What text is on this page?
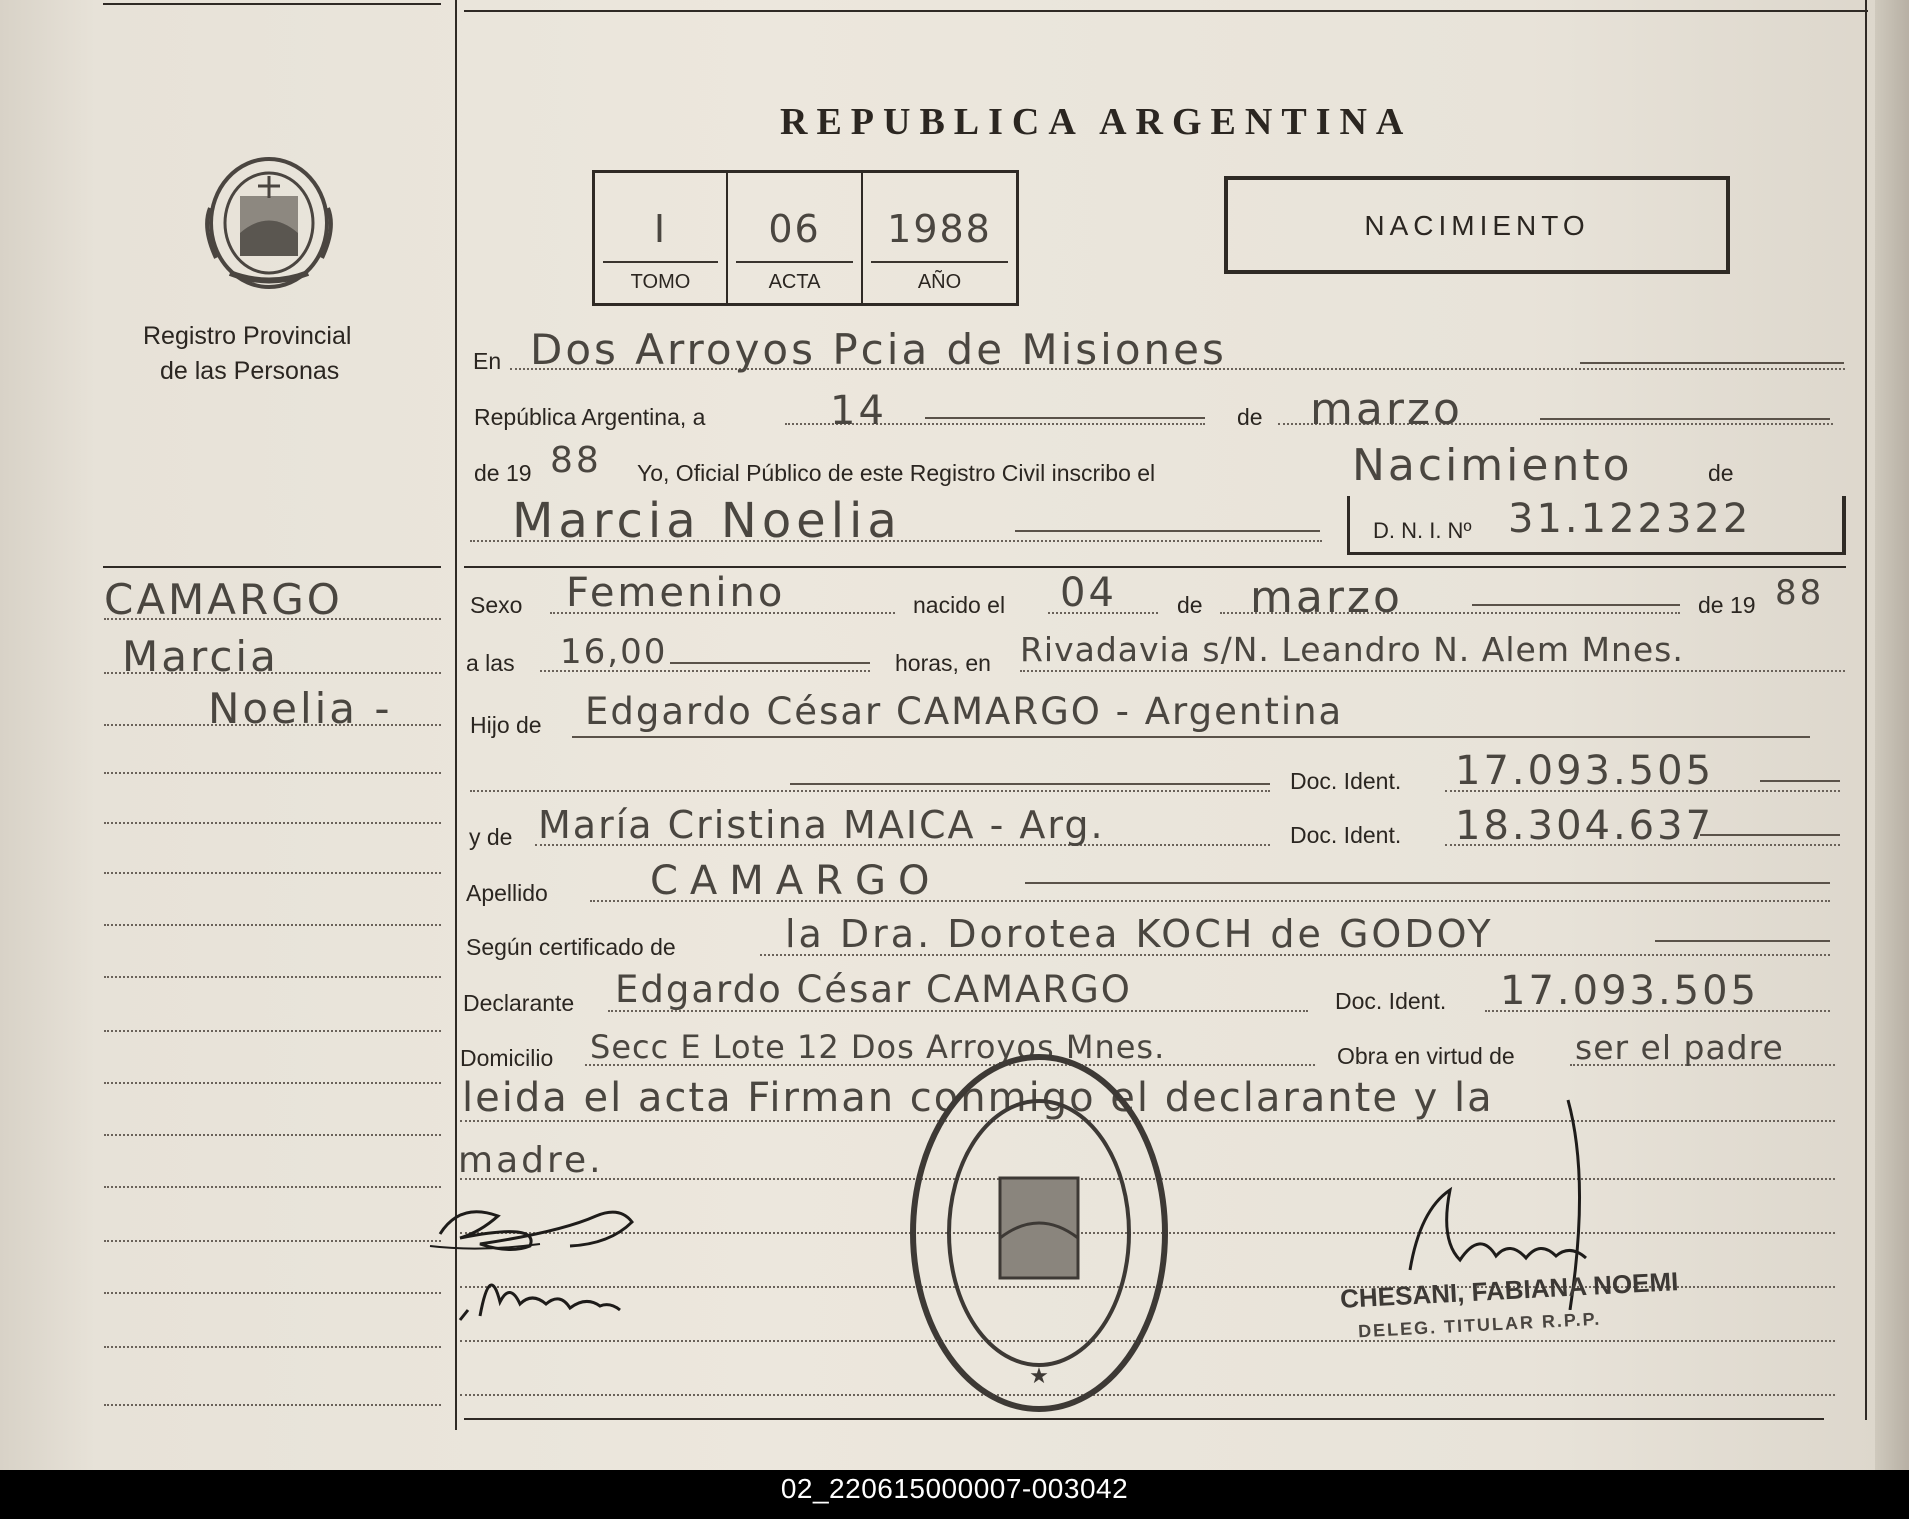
Registro Provincial
de las Personas
REPUBLICA ARGENTINA
I
TOMO
06
ACTA
1988
AÑO
NACIMIENTO
CAMARGO
Marcia
Noelia -
En Dos Arroyos Pcia de Misiones
República Argentina, a	14	de marzo
de 19 88 Yo, Oficial Público de este Registro Civil inscribo el	Nacimiento	de
Marcia Noelia	D. N. I. Nº 31.122322
Sexo Femenino	nacido el 04	de marzo	de 19 88
a las 16,00	horas, en Rivadavia s/N. Leandro N. Alem Mnes.
Hijo de Edgardo César CAMARGO - Argentina
Doc. Ident. 17.093.505
y de María Cristina MAICA - Arg.	Doc. Ident. 18.304.637
Apellido	CAMARGO
Según certificado de	la Dra. Dorotea KOCH de GODOY
Declarante Edgardo César CAMARGO	Doc. Ident. 17.093.505
Domicilio Secc E Lote 12 Dos Arroyos Mnes.	Obra en virtud de ser el padre
leida el acta Firman conmigo el declarante y la
madre.
★
CHESANI, FABIANA NOEMI
DELEG. TITULAR R.P.P.
02_220615000007-003042
